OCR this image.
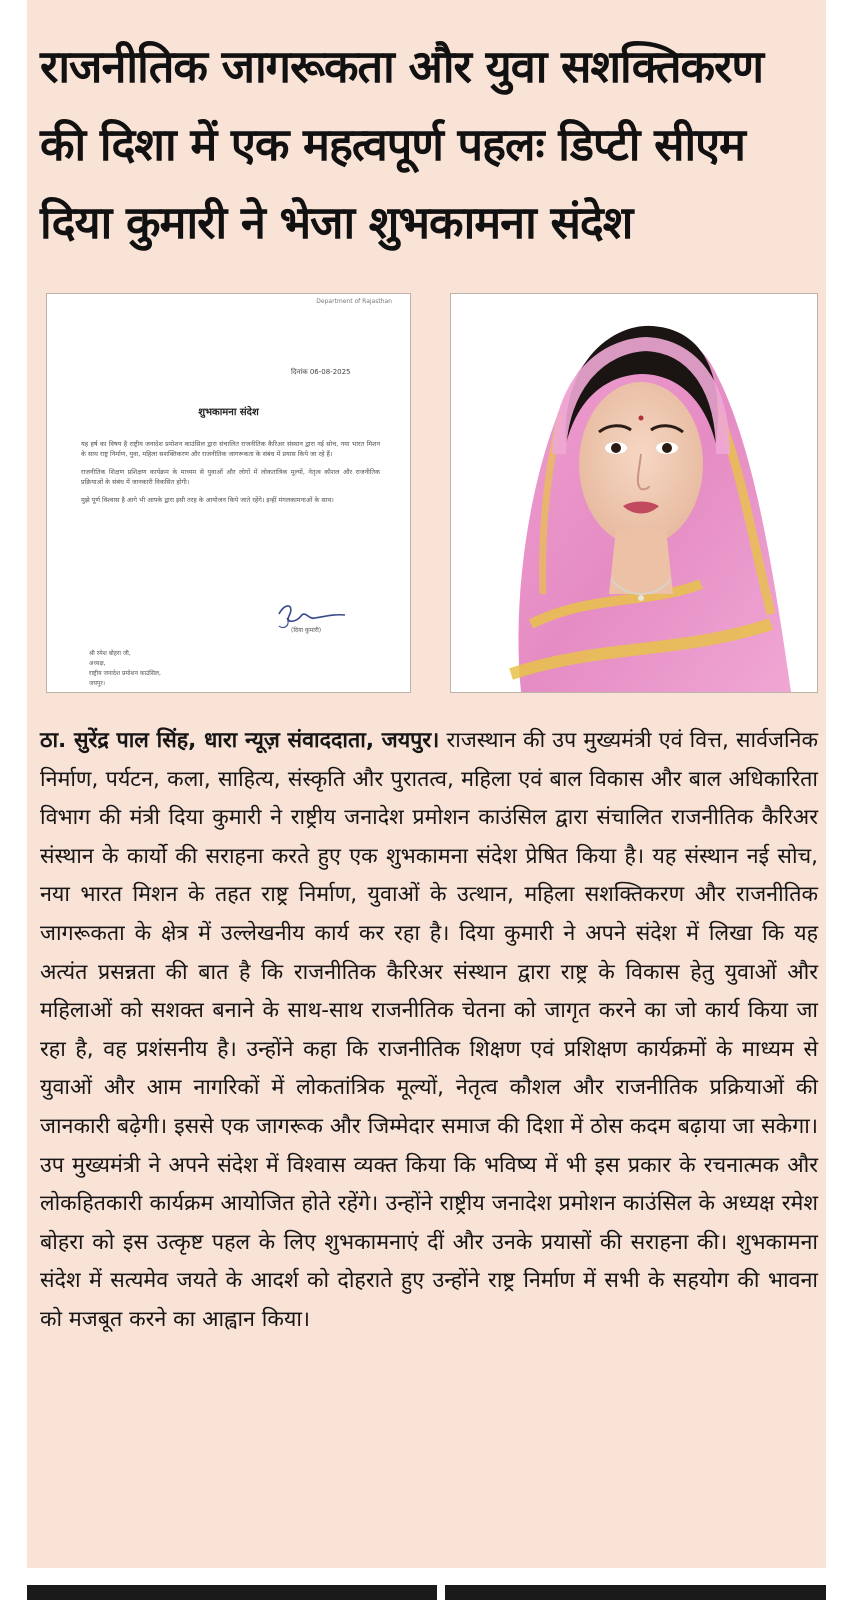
राजनीतिक जागरूकता और युवा सशक्तिकरण
की दिशा में एक महत्वपूर्ण पहलः डिप्टी सीएम
दिया कुमारी ने भेजा शुभकामना संदेश
Department of Rajasthan
दिनांक 06-08-2025
शुभकामना संदेश

यह हर्ष का विषय है राष्ट्रीय जनादेश प्रमोशन काउंसिल द्वारा संचालित राजनीतिक कैरिअर संस्थान द्वारा नई सोच, नया भारत मिशन के साथ राष्ट्र निर्माण, युवा, महिला सशक्तिकरण और राजनीतिक जागरूकता के संबंध में प्रयास किये जा रहे हैं।

राजनीतिक शिक्षण प्रशिक्षण कार्यक्रम के माध्यम से युवाओं और लोगों में लोकतांत्रिक मूल्यों, नेतृत्व कौशल और राजनीतिक प्रक्रियाओं के संबंध में जानकारी विकसित होगी।

मुझे पूर्ण विश्वास है आगे भी आपके द्वारा इसी तरह के आयोजन किये जाते रहेंगे। इन्हीं मंगलकामनाओं के साथ।

(दिया कुमारी)
श्री रमेश बोहरा जी,
अध्यक्ष,
राष्ट्रीय जनादेश प्रमोशन काउंसिल,
जयपुर।
ठा. सुरेंद्र पाल सिंह, धारा न्यूज़ संवाददाता, जयपुर। राजस्थान की उप मुख्यमंत्री एवं वित्त, सार्वजनिक निर्माण, पर्यटन, कला, साहित्य, संस्कृति और पुरातत्व, महिला एवं बाल विकास और बाल अधिकारिता विभाग की मंत्री दिया कुमारी ने राष्ट्रीय जनादेश प्रमोशन काउंसिल द्वारा संचालित राजनीतिक कैरिअर संस्थान के कार्यो की सराहना करते हुए एक शुभकामना संदेश प्रेषित किया है। यह संस्थान नई सोच, नया भारत मिशन के तहत राष्ट्र निर्माण, युवाओं के उत्थान, महिला सशक्तिकरण और राजनीतिक जागरूकता के क्षेत्र में उल्लेखनीय कार्य कर रहा है। दिया कुमारी ने अपने संदेश में लिखा कि यह अत्यंत प्रसन्नता की बात है कि राजनीतिक कैरिअर संस्थान द्वारा राष्ट्र के विकास हेतु युवाओं और महिलाओं को सशक्त बनाने के साथ-साथ राजनीतिक चेतना को जागृत करने का जो कार्य किया जा रहा है, वह प्रशंसनीय है। उन्होंने कहा कि राजनीतिक शिक्षण एवं प्रशिक्षण कार्यक्रमों के माध्यम से युवाओं और आम नागरिकों में लोकतांत्रिक मूल्यों, नेतृत्व कौशल और राजनीतिक प्रक्रियाओं की जानकारी बढ़ेगी। इससे एक जागरूक और जिम्मेदार समाज की दिशा में ठोस कदम बढ़ाया जा सकेगा। उप मुख्यमंत्री ने अपने संदेश में विश्वास व्यक्त किया कि भविष्य में भी इस प्रकार के रचनात्मक और लोकहितकारी कार्यक्रम आयोजित होते रहेंगे। उन्होंने राष्ट्रीय जनादेश प्रमोशन काउंसिल के अध्यक्ष रमेश बोहरा को इस उत्कृष्ट पहल के लिए शुभकामनाएं दीं और उनके प्रयासों की सराहना की। शुभकामना संदेश में सत्यमेव जयते के आदर्श को दोहराते हुए उन्होंने राष्ट्र निर्माण में सभी के सहयोग की भावना को मजबूत करने का आह्वान किया।
